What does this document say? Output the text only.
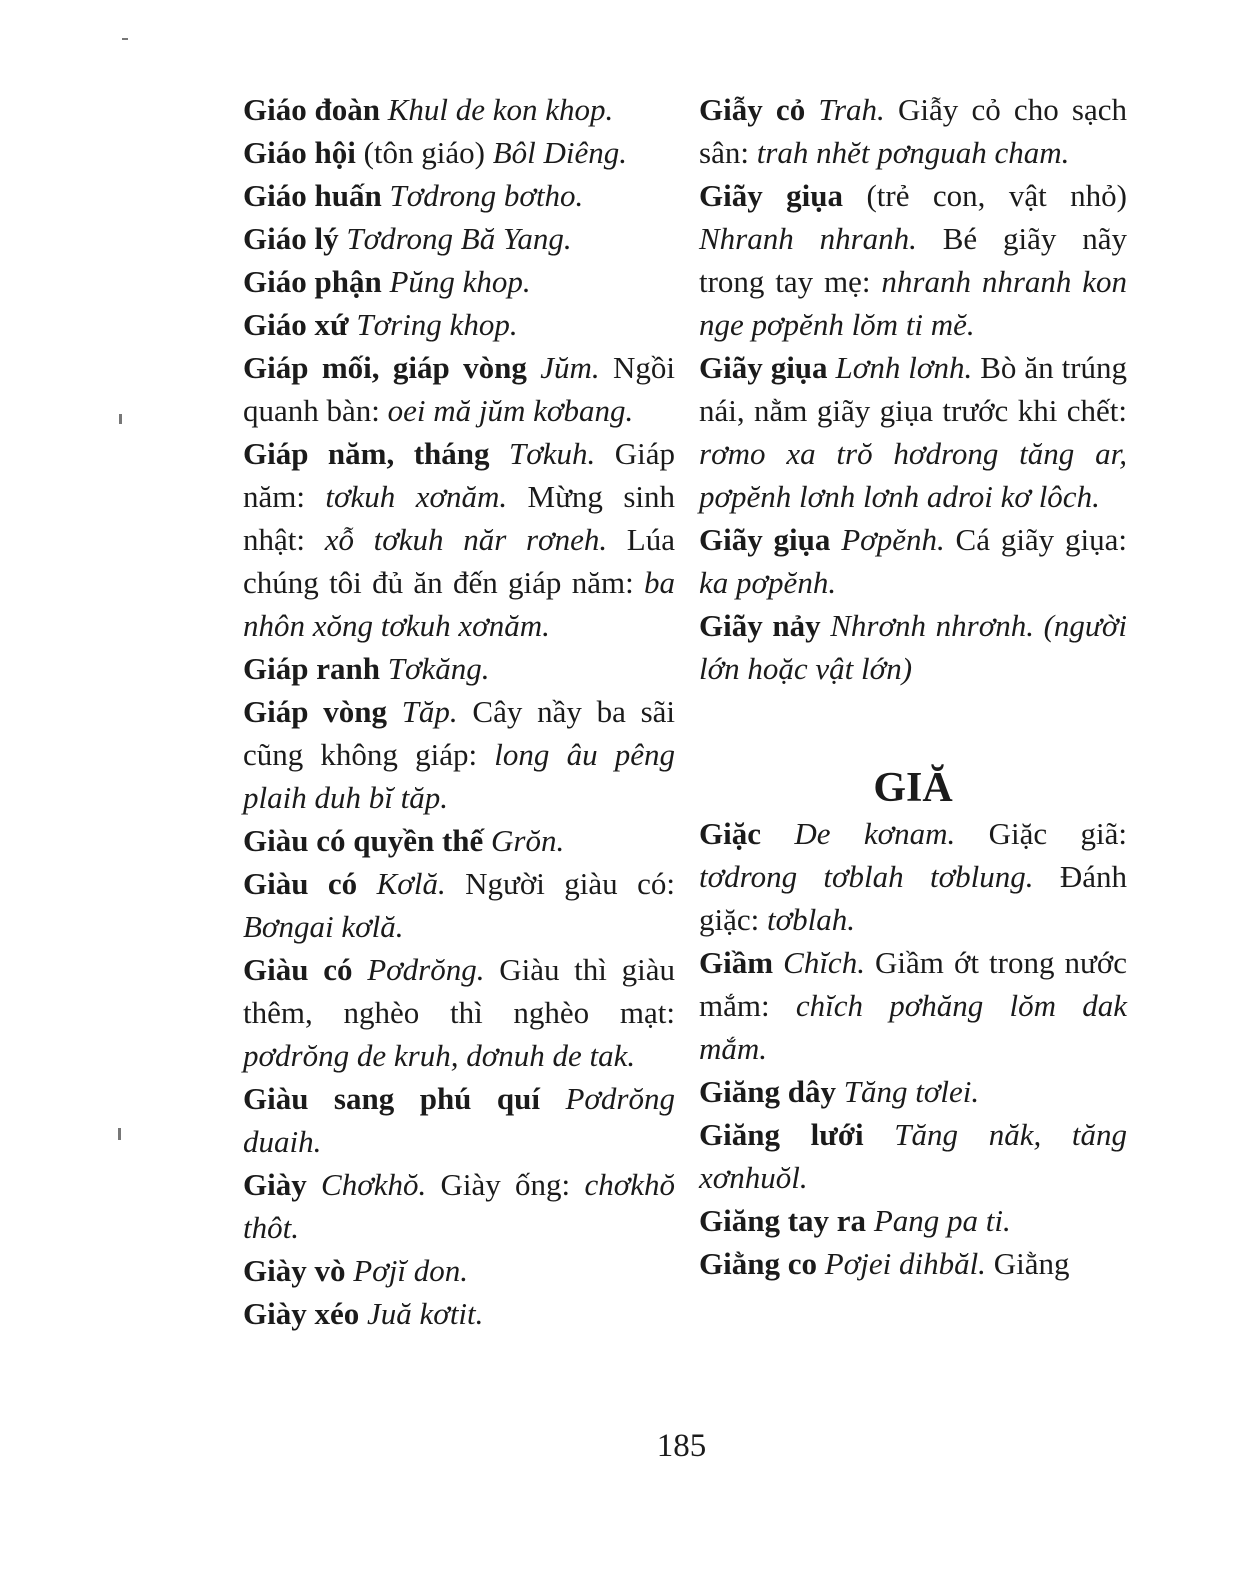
Giáo đoàn Khul de kon khop.

Giáo hội (tôn giáo) Bôl Diêng.

Giáo huấn Tơdrong bơtho.

Giáo lý Tơdrong Bă Yang.

Giáo phận Pŭng khop.

Giáo xứ Tơring khop.

Giáp mối, giáp vòng Jŭm. Ngồi quanh bàn: oei mă jŭm kơbang.

Giáp năm, tháng Tơkuh. Giáp năm: tơkuh xơnăm. Mừng sinh nhật: xỗ tơkuh năr rơneh. Lúa chúng tôi đủ ăn đến giáp năm: ba nhôn xŏng tơkuh xơnăm.

Giáp ranh Tơkăng.

Giáp vòng Tăp. Cây nầy ba sãi cũng không giáp: long âu pêng plaih duh bĭ tăp.

Giàu có quyền thế Grŏn.

Giàu có Kơlă. Người giàu có: Bơngai kơlă.

Giàu có Pơdrŏng. Giàu thì giàu thêm, nghèo thì nghèo mạt: pơdrŏng de kruh, dơnuh de tak.

Giàu sang phú quí Pơdrŏng duaih.

Giày Chơkhŏ. Giày ống: chơkhŏ thôt.

Giày vò Pơjĭ don.

Giày xéo Juă kơtit.

Giẫy cỏ Trah. Giẫy cỏ cho sạch sân: trah nhĕt pơnguah cham.

Giãy giụa (trẻ con, vật nhỏ) Nhranh nhranh. Bé giãy nãy trong tay mẹ: nhranh nhranh kon nge pơpĕnh lŏm ti mĕ.

Giãy giụa Lơnh lơnh. Bò ăn trúng nái, nằm giãy giụa trước khi chết: rơmo xa trŏ hơdrong tăng ar, pơpĕnh lơnh lơnh adroi kơ lôch.

Giãy giụa Pơpĕnh. Cá giãy giụa: ka pơpĕnh.

Giãy nảy Nhrơnh nhrơnh. (người lớn hoặc vật lớn)

GIĂ

Giặc De kơnam. Giặc giã: tơdrong tơblah tơblung. Đánh giặc: tơblah.

Giầm Chĭch. Giầm ớt trong nước mắm: chĭch pơhăng lŏm dak mắm.

Giăng dây Tăng tơlei.

Giăng lưới Tăng năk, tăng xơnhuŏl.

Giăng tay ra Pang pa ti.

Giằng co Pơjei dihbăl. Giằng

185
